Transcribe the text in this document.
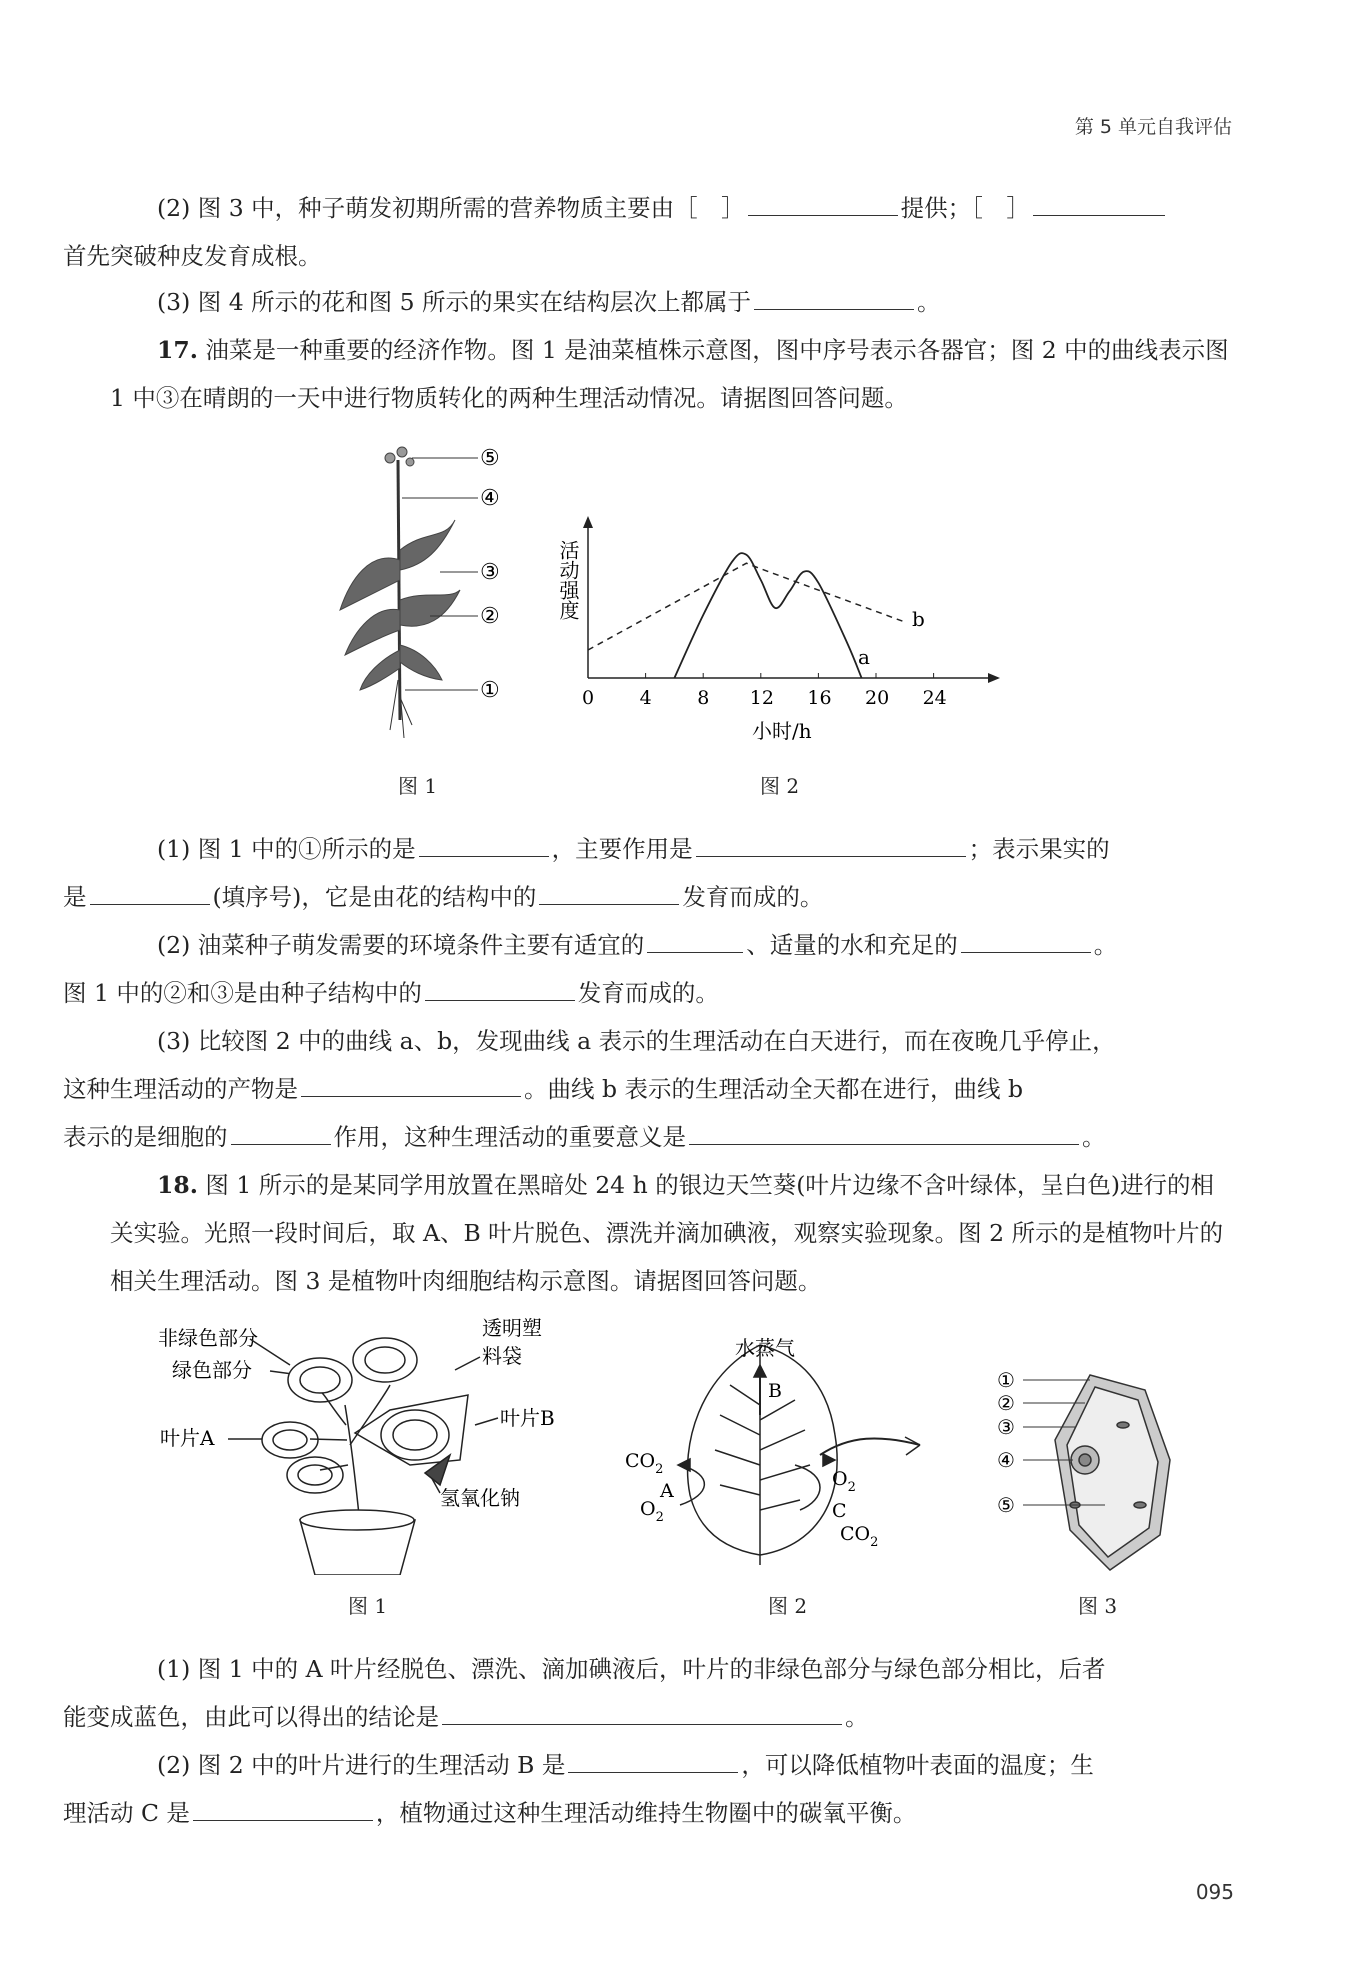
第 5 单元自我评估

(2) 图 3 中，种子萌发初期所需的营养物质主要由［　］	提供；［　］
首先突破种皮发育成根。

(3) 图 4 所示的花和图 5 所示的果实在结构层次上都属于	。

17. 油菜是一种重要的经济作物。图 1 是油菜植株示意图，图中序号表示各器官；图 2 中的曲线表示图 1 中③在晴朗的一天中进行物质转化的两种生理活动情况。请据图回答问题。

⑤
④
③
②
①
图 1
活动强度
小时/h
0 4 8 12 16 20 24
a
b
图 2

(1) 图 1 中的①所示的是	，主要作用是	；表示果实的
是	(填序号)，它是由花的结构中的	发育而成的。

(2) 油菜种子萌发需要的环境条件主要有适宜的	、适量的水和充足的	。
图 1 中的②和③是由种子结构中的	发育而成的。

(3) 比较图 2 中的曲线 a、b，发现曲线 a 表示的生理活动在白天进行，而在夜晚几乎停止，
这种生理活动的产物是	。曲线 b 表示的生理活动全天都在进行，曲线 b
表示的是细胞的	作用，这种生理活动的重要意义是	。

18. 图 1 所示的是某同学用放置在黑暗处 24 h 的银边天竺葵(叶片边缘不含叶绿体，呈白色)进行的相关实验。光照一段时间后，取 A、B 叶片脱色、漂洗并滴加碘液，观察实验现象。图 2 所示的是植物叶片的相关生理活动。图 3 是植物叶肉细胞结构示意图。请据图回答问题。

非绿色部分
绿色部分
叶片A
透明塑
料袋
叶片B
氢氧化钠
图 1
水蒸气
B
A
C
$CO_2$
$O_2$
$O_2$
$CO_2$
图 2
①
②
③
④
⑤
图 3

(1) 图 1 中的 A 叶片经脱色、漂洗、滴加碘液后，叶片的非绿色部分与绿色部分相比，后者
能变成蓝色，由此可以得出的结论是	。

(2) 图 2 中的叶片进行的生理活动 B 是	，可以降低植物叶表面的温度；生
理活动 C 是	，植物通过这种生理活动维持生物圈中的碳氧平衡。

095
